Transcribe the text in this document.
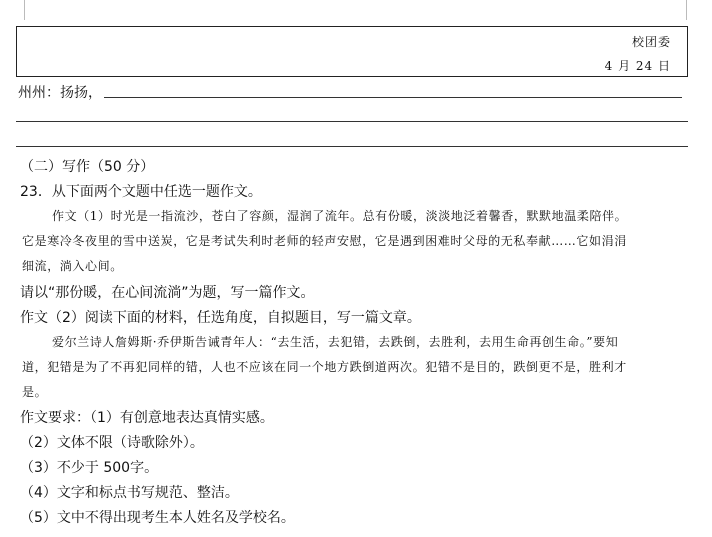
校团委
4 月 24 日
州州：扬扬，
（二）写作（50 分）
23．从下面两个文题中任选一题作文。
作文（1）时光是一指流沙，苍白了容颜，湿润了流年。总有份暖，淡淡地泛着馨香，默默地温柔陪伴。
它是寒冷冬夜里的雪中送炭，它是考试失利时老师的轻声安慰，它是遇到困难时父母的无私奉献……它如涓涓
细流，淌入心间。
请以“那份暖，在心间流淌”为题，写一篇作文。
作文（2）阅读下面的材料，任选角度，自拟题目，写一篇文章。
爱尔兰诗人詹姆斯·乔伊斯告诫青年人：“去生活，去犯错，去跌倒，去胜利，去用生命再创生命。”要知
道，犯错是为了不再犯同样的错，人也不应该在同一个地方跌倒道两次。犯错不是目的，跌倒更不是，胜利才
是。
作文要求：（1）有创意地表达真情实感。
（2）文体不限（诗歌除外）。
（3）不少于 500字。
（4）文字和标点书写规范、整洁。
（5）文中不得出现考生本人姓名及学校名。
